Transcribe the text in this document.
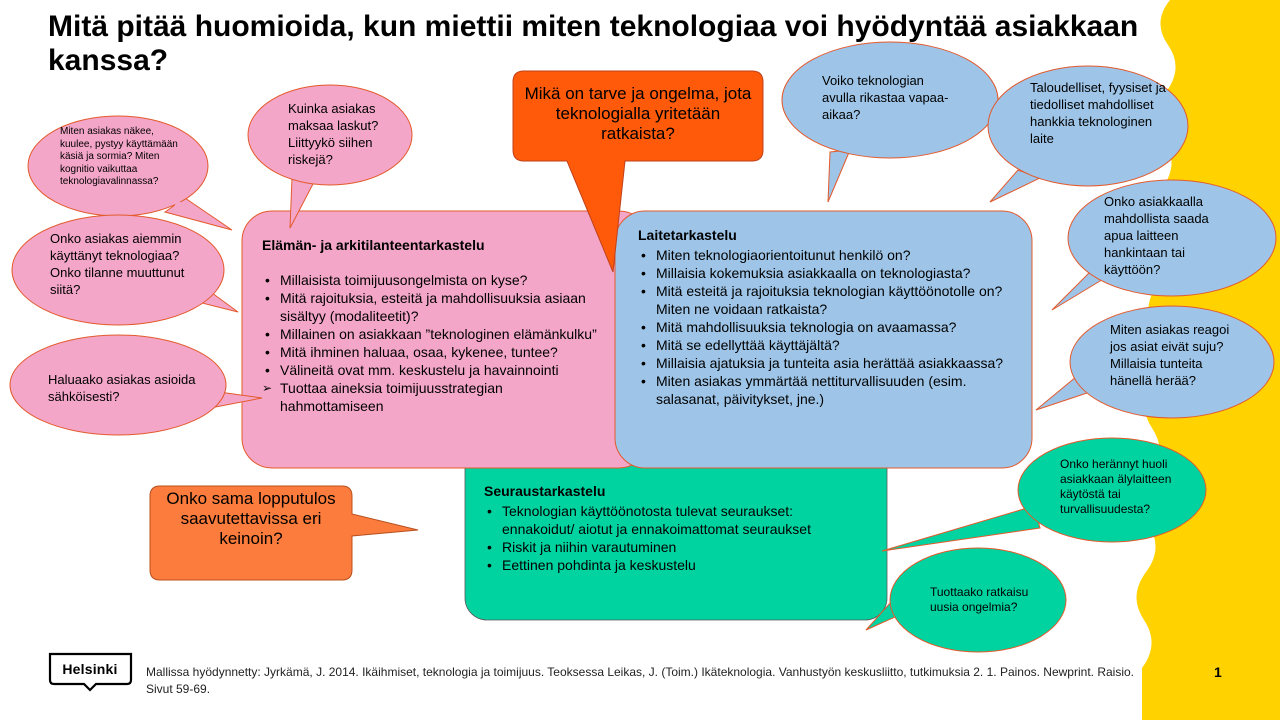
Mitä pitää huomioida, kun miettii miten teknologiaa voi hyödyntää asiakkaan kanssa?
Mikä on tarve ja ongelma, jota teknologialla yritetään ratkaista?
Elämän- ja arkitilanteentarkastelu
• Millaisista toimijuusongelmista on kyse?
• Mitä rajoituksia, esteitä ja mahdollisuuksia asiaan sisältyy (modaliteetit)?
• Millainen on asiakkaan ”teknologinen elämänkulku”
• Mitä ihminen haluaa, osaa, kykenee, tuntee?
• Välineitä ovat mm. keskustelu ja havainnointi
➢ Tuottaa aineksia toimijuusstrategian hahmottamiseen
Laitetarkastelu
• Miten teknologiaorientoitunut henkilö on?
• Millaisia kokemuksia asiakkaalla on teknologiasta?
• Mitä esteitä ja rajoituksia teknologian käyttöönotolle on? Miten ne voidaan ratkaista?
• Mitä mahdollisuuksia teknologia on avaamassa?
• Mitä se edellyttää käyttäjältä?
• Millaisia ajatuksia ja tunteita asia herättää asiakkaassa?
• Miten asiakas ymmärtää nettiturvallisuuden (esim. salasanat, päivitykset, jne.)
Seuraustarkastelu
• Teknologian käyttöönotosta tulevat seuraukset: ennakoidut/ aiotut ja ennakoimattomat seuraukset
• Riskit ja niihin varautuminen
• Eettinen pohdinta ja keskustelu
Miten asiakas näkee, kuulee, pystyy käyttämään käsiä ja sormia? Miten kognitio vaikuttaa teknologiavalinnassa?
Kuinka asiakas maksaa laskut? Liittyykö siihen riskejä?
Onko asiakas aiemmin käyttänyt teknologiaa? Onko tilanne muuttunut siitä?
Haluaako asiakas asioida sähköisesti?
Onko sama lopputulos saavutettavissa eri keinoin?
Voiko teknologian avulla rikastaa vapaa-aikaa?
Taloudelliset, fyysiset ja tiedolliset mahdolliset hankkia teknologinen laite
Onko asiakkaalla mahdollista saada apua laitteen hankintaan tai käyttöön?
Miten asiakas reagoi jos asiat eivät suju? Millaisia tunteita hänellä herää?
Onko herännyt huoli asiakkaan älylaitteen käytöstä tai turvallisuudesta?
Tuottaako ratkaisu uusia ongelmia?
Helsinki	Mallissa hyödynnetty: Jyrkämä, J. 2014. Ikäihmiset, teknologia ja toimijuus. Teoksessa Leikas, J. (Toim.) Ikäteknologia. Vanhustyön keskusliitto, tutkimuksia 2. 1. Painos. Newprint. Raisio. Sivut 59-69.
1
